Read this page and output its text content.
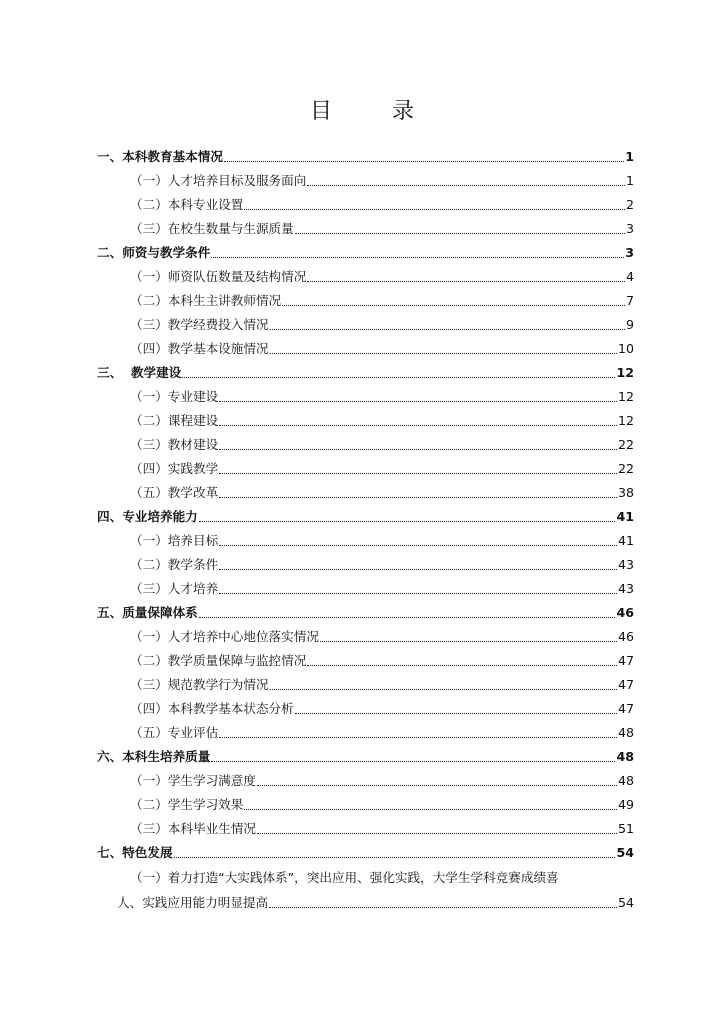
目	录
一、本科教育基本情况	1
（一）人才培养目标及服务面向	1
（二）本科专业设置	2
（三）在校生数量与生源质量	3
二、师资与教学条件	3
（一）师资队伍数量及结构情况	4
（二）本科生主讲教师情况	7
（三）教学经费投入情况	9
（四）教学基本设施情况	10
三、  教学建设	12
（一）专业建设	12
（二）课程建设	12
（三）教材建设	22
（四）实践教学	22
（五）教学改革	38
四、专业培养能力	41
（一）培养目标	41
（二）教学条件	43
（三）人才培养	43
五、质量保障体系	46
（一）人才培养中心地位落实情况	46
（二）教学质量保障与监控情况	47
（三）规范教学行为情况	47
（四）本科教学基本状态分析	47
（五）专业评估	48
六、本科生培养质量	48
（一）学生学习满意度	48
（二）学生学习效果	49
（三）本科毕业生情况	51
七、特色发展	54
（一）着力打造“大实践体系”，突出应用、强化实践，大学生学科竞赛成绩喜
人、实践应用能力明显提高	54
